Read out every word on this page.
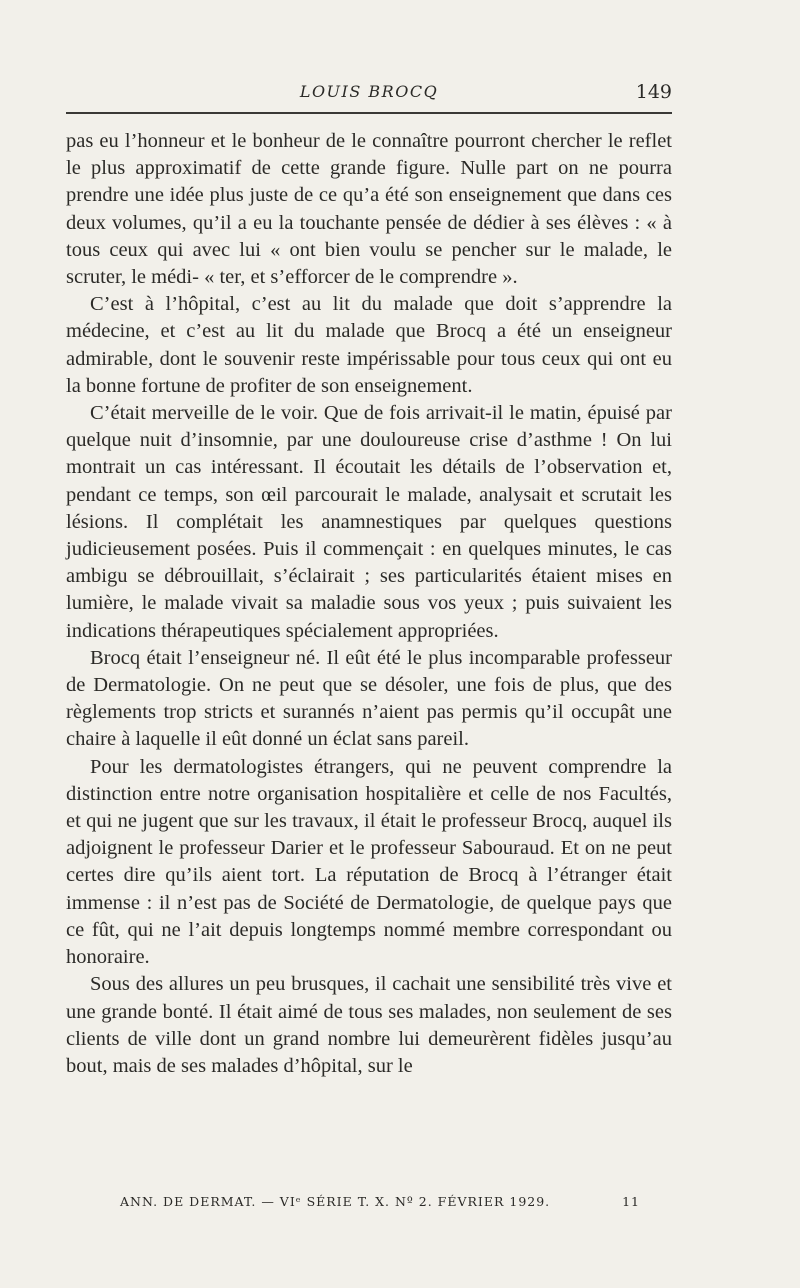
LOUIS BROCQ	149

pas eu l’honneur et le bonheur de le connaître pourront chercher le reflet le plus approximatif de cette grande figure. Nulle part on ne pourra prendre une idée plus juste de ce qu’a été son enseignement que dans ces deux volumes, qu’il a eu la touchante pensée de dédier à ses élèves : « à tous ceux qui avec lui « ont bien voulu se pencher sur le malade, le scruter, le médi- « ter, et s’efforcer de le comprendre ».

C’est à l’hôpital, c’est au lit du malade que doit s’apprendre la médecine, et c’est au lit du malade que Brocq a été un enseigneur admirable, dont le souvenir reste impérissable pour tous ceux qui ont eu la bonne fortune de profiter de son enseignement.

C’était merveille de le voir. Que de fois arrivait-il le matin, épuisé par quelque nuit d’insomnie, par une douloureuse crise d’asthme ! On lui montrait un cas intéressant. Il écoutait les détails de l’observation et, pendant ce temps, son œil parcourait le malade, analysait et scrutait les lésions. Il complétait les anamnestiques par quelques questions judicieusement posées. Puis il commençait : en quelques minutes, le cas ambigu se débrouillait, s’éclairait ; ses particularités étaient mises en lumière, le malade vivait sa maladie sous vos yeux ; puis suivaient les indications thérapeutiques spécialement appropriées.

Brocq était l’enseigneur né. Il eût été le plus incomparable professeur de Dermatologie. On ne peut que se désoler, une fois de plus, que des règlements trop stricts et surannés n’aient pas permis qu’il occupât une chaire à laquelle il eût donné un éclat sans pareil.

Pour les dermatologistes étrangers, qui ne peuvent comprendre la distinction entre notre organisation hospitalière et celle de nos Facultés, et qui ne jugent que sur les travaux, il était le professeur Brocq, auquel ils adjoignent le professeur Darier et le professeur Sabouraud. Et on ne peut certes dire qu’ils aient tort. La réputation de Brocq à l’étranger était immense : il n’est pas de Société de Dermatologie, de quelque pays que ce fût, qui ne l’ait depuis longtemps nommé membre correspondant ou honoraire.

Sous des allures un peu brusques, il cachait une sensibilité très vive et une grande bonté. Il était aimé de tous ses malades, non seulement de ses clients de ville dont un grand nombre lui demeurèrent fidèles jusqu’au bout, mais de ses malades d’hôpital, sur le

ANN. DE DERMAT. — VIᵉ SÉRIE T. X. Nº 2. FÉVRIER 1929.	11
